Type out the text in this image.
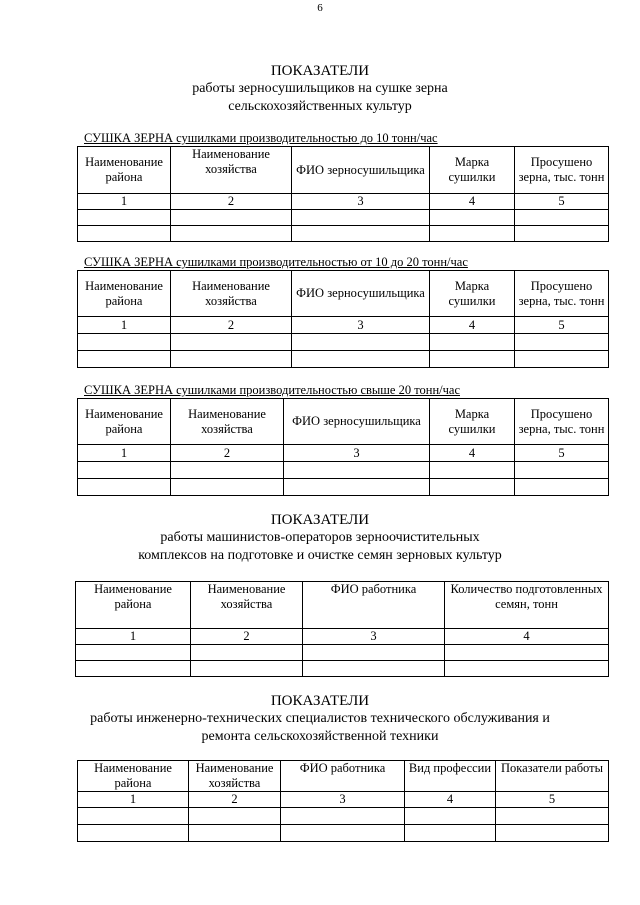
6
ПОКАЗАТЕЛИ
работы зерносушильщиков на сушке зерна
сельскохозяйственных культур
СУШКА ЗЕРНА сушилками производительностью до 10 тонн/час
Наименование района	Наименование хозяйства	ФИО зерносушильщика	Марка сушилки	Просушено зерна, тыс. тонн
1	2	3	4	5

СУШКА ЗЕРНА сушилками производительностью от 10 до 20 тонн/час
Наименование района	Наименование хозяйства	ФИО зерносушильщика	Марка сушилки	Просушено зерна, тыс. тонн
1	2	3	4	5

СУШКА ЗЕРНА сушилками производительностью свыше 20 тонн/час
Наименование района	Наименование хозяйства	ФИО зерносушильщика	Марка сушилки	Просушено зерна, тыс. тонн
1	2	3	4	5

ПОКАЗАТЕЛИ
работы машинистов-операторов зерноочистительных
комплексов на подготовке и очистке семян зерновых культур
Наименование района	Наименование хозяйства	ФИО работника	Количество подготовленных семян, тонн
1	2	3	4

ПОКАЗАТЕЛИ
работы инженерно-технических специалистов технического обслуживания и
ремонта сельскохозяйственной техники
Наименование района	Наименование хозяйства	ФИО работника	Вид профессии	Показатели работы
1	2	3	4	5
